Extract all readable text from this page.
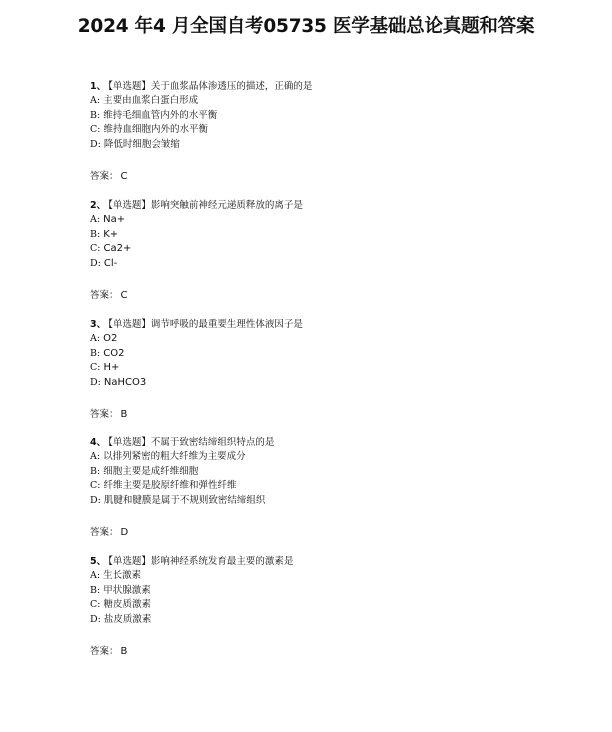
2024 年4 月全国自考05735 医学基础总论真题和答案
1、 【单选题】关于血浆晶体渗透压的描述，正确的是
A: 主要由血浆白蛋白形成
B: 维持毛细血管内外的水平衡
C: 维持血细胞内外的水平衡
D: 降低时细胞会皱缩
答案： C
2、 【单选题】影响突触前神经元递质释放的离子是
A: Na+
B: K+
C: Ca2+
D: Cl-
答案： C
3、 【单选题】调节呼吸的最重要生理性体液因子是
A: O2
B: CO2
C: H+
D: NaHCO3
答案： B
4、 【单选题】不属于致密结缔组织特点的是
A: 以排列紧密的粗大纤维为主要成分
B: 细胞主要是成纤维细胞
C: 纤维主要是胶原纤维和弹性纤维
D: 肌腱和腱膜是属于不规则致密结缔组织
答案： D
5、 【单选题】影响神经系统发育最主要的激素是
A: 生长激素
B: 甲状腺激素
C: 糖皮质激素
D: 盐皮质激素
答案： B
